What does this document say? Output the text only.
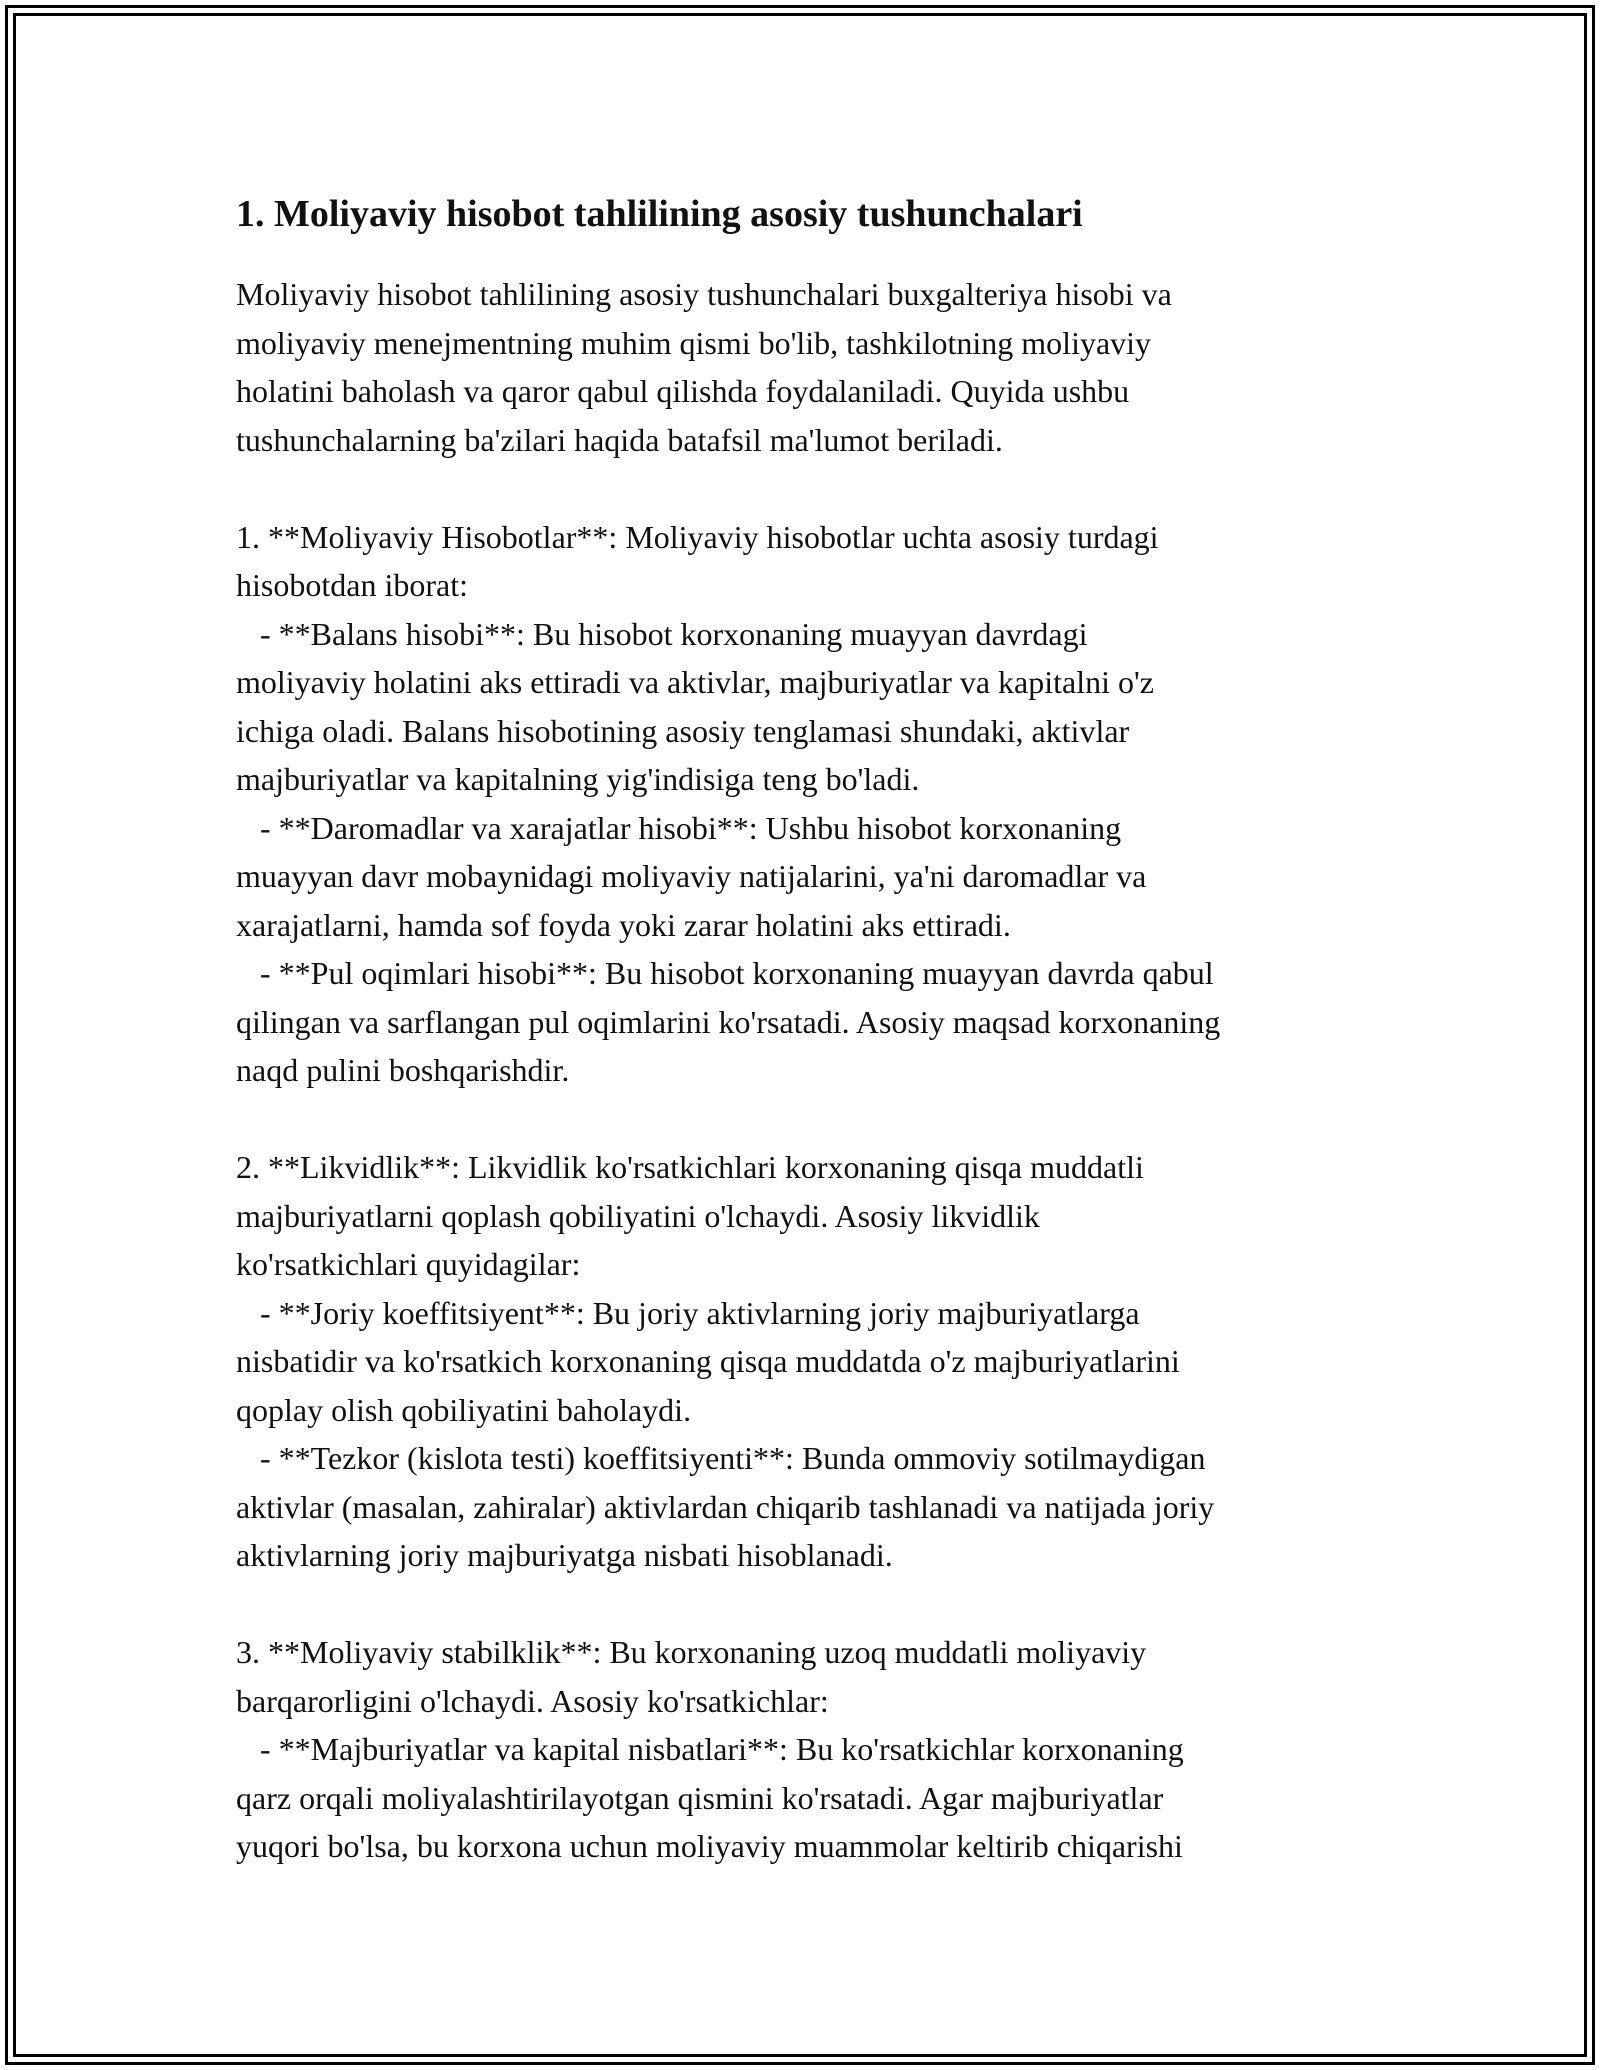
1. Moliyaviy hisobot tahlilining asosiy tushunchalari

Moliyaviy hisobot tahlilining asosiy tushunchalari buxgalteriya hisobi va
moliyaviy menejmentning muhim qismi bo'lib, tashkilotning moliyaviy
holatini baholash va qaror qabul qilishda foydalaniladi. Quyida ushbu
tushunchalarning ba'zilari haqida batafsil ma'lumot beriladi.

1. **Moliyaviy Hisobotlar**: Moliyaviy hisobotlar uchta asosiy turdagi
hisobotdan iborat:
- **Balans hisobi**: Bu hisobot korxonaning muayyan davrdagi
moliyaviy holatini aks ettiradi va aktivlar, majburiyatlar va kapitalni o'z
ichiga oladi. Balans hisobotining asosiy tenglamasi shundaki, aktivlar
majburiyatlar va kapitalning yig'indisiga teng bo'ladi.
- **Daromadlar va xarajatlar hisobi**: Ushbu hisobot korxonaning
muayyan davr mobaynidagi moliyaviy natijalarini, ya'ni daromadlar va
xarajatlarni, hamda sof foyda yoki zarar holatini aks ettiradi.
- **Pul oqimlari hisobi**: Bu hisobot korxonaning muayyan davrda qabul
qilingan va sarflangan pul oqimlarini ko'rsatadi. Asosiy maqsad korxonaning
naqd pulini boshqarishdir.

2. **Likvidlik**: Likvidlik ko'rsatkichlari korxonaning qisqa muddatli
majburiyatlarni qoplash qobiliyatini o'lchaydi. Asosiy likvidlik
ko'rsatkichlari quyidagilar:
- **Joriy koeffitsiyent**: Bu joriy aktivlarning joriy majburiyatlarga
nisbatidir va ko'rsatkich korxonaning qisqa muddatda o'z majburiyatlarini
qoplay olish qobiliyatini baholaydi.
- **Tezkor (kislota testi) koeffitsiyenti**: Bunda ommoviy sotilmaydigan
aktivlar (masalan, zahiralar) aktivlardan chiqarib tashlanadi va natijada joriy
aktivlarning joriy majburiyatga nisbati hisoblanadi.

3. **Moliyaviy stabilklik**: Bu korxonaning uzoq muddatli moliyaviy
barqarorligini o'lchaydi. Asosiy ko'rsatkichlar:
- **Majburiyatlar va kapital nisbatlari**: Bu ko'rsatkichlar korxonaning
qarz orqali moliyalashtirilayotgan qismini ko'rsatadi. Agar majburiyatlar
yuqori bo'lsa, bu korxona uchun moliyaviy muammolar keltirib chiqarishi
